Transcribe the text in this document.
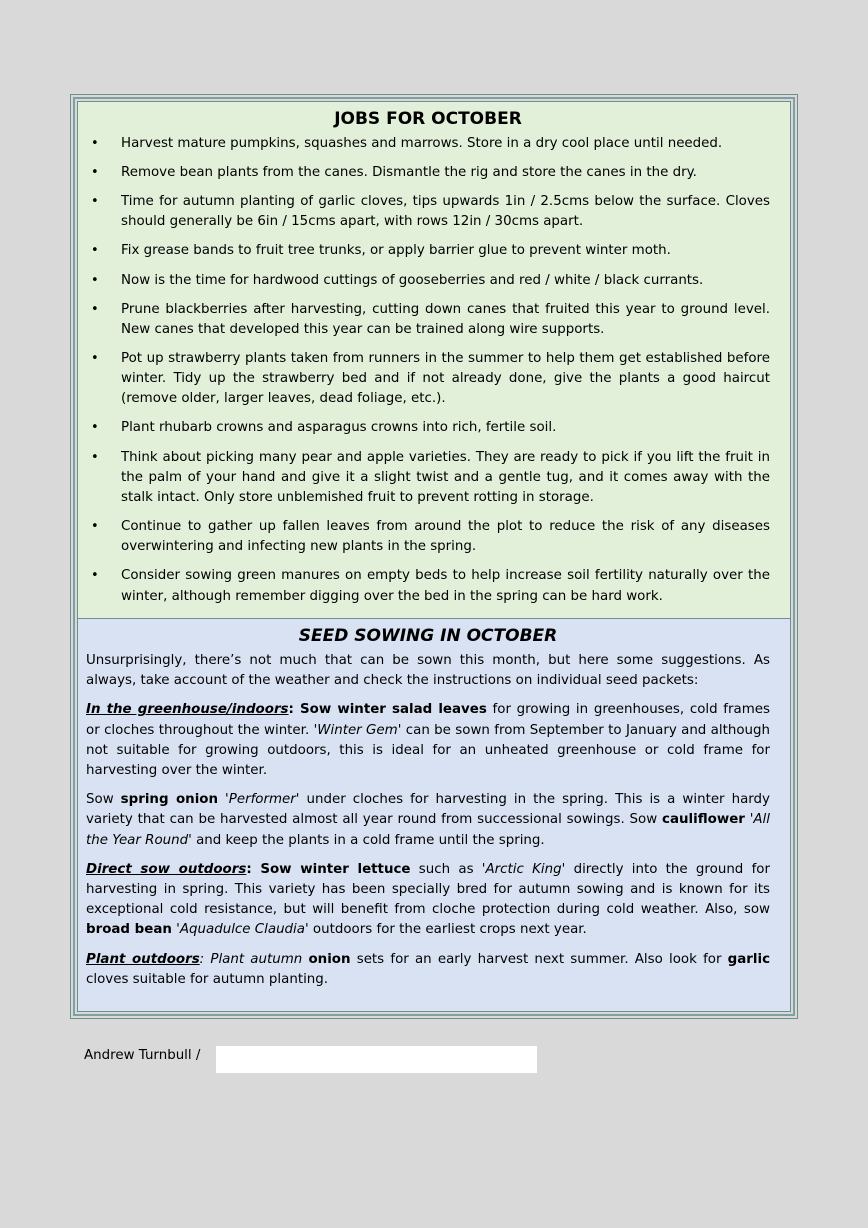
JOBS FOR OCTOBER
• Harvest mature pumpkins, squashes and marrows. Store in a dry cool place until needed.
• Remove bean plants from the canes. Dismantle the rig and store the canes in the dry.
• Time for autumn planting of garlic cloves, tips upwards 1in / 2.5cms below the surface. Cloves should generally be 6in / 15cms apart, with rows 12in / 30cms apart.
• Fix grease bands to fruit tree trunks, or apply barrier glue to prevent winter moth.
• Now is the time for hardwood cuttings of gooseberries and red / white / black currants.
• Prune blackberries after harvesting, cutting down canes that fruited this year to ground level. New canes that developed this year can be trained along wire supports.
• Pot up strawberry plants taken from runners in the summer to help them get established before winter. Tidy up the strawberry bed and if not already done, give the plants a good haircut (remove older, larger leaves, dead foliage, etc.).
• Plant rhubarb crowns and asparagus crowns into rich, fertile soil.
• Think about picking many pear and apple varieties. They are ready to pick if you lift the fruit in the palm of your hand and give it a slight twist and a gentle tug, and it comes away with the stalk intact. Only store unblemished fruit to prevent rotting in storage.
• Continue to gather up fallen leaves from around the plot to reduce the risk of any diseases overwintering and infecting new plants in the spring.
• Consider sowing green manures on empty beds to help increase soil fertility naturally over the winter, although remember digging over the bed in the spring can be hard work.
SEED SOWING IN OCTOBER

Unsurprisingly, there’s not much that can be sown this month, but here some suggestions. As always, take account of the weather and check the instructions on individual seed packets:

In the greenhouse/indoors: Sow winter salad leaves for growing in greenhouses, cold frames or cloches throughout the winter. 'Winter Gem' can be sown from September to January and although not suitable for growing outdoors, this is ideal for an unheated greenhouse or cold frame for harvesting over the winter.

Sow spring onion 'Performer' under cloches for harvesting in the spring. This is a winter hardy variety that can be harvested almost all year round from successional sowings. Sow cauliflower 'All the Year Round' and keep the plants in a cold frame until the spring.

Direct sow outdoors: Sow winter lettuce such as 'Arctic King' directly into the ground for harvesting in spring. This variety has been specially bred for autumn sowing and is known for its exceptional cold resistance, but will benefit from cloche protection during cold weather. Also, sow broad bean 'Aquadulce Claudia' outdoors for the earliest crops next year.

Plant outdoors: Plant autumn onion sets for an early harvest next summer. Also look for garlic cloves suitable for autumn planting.

Andrew Turnbull /
